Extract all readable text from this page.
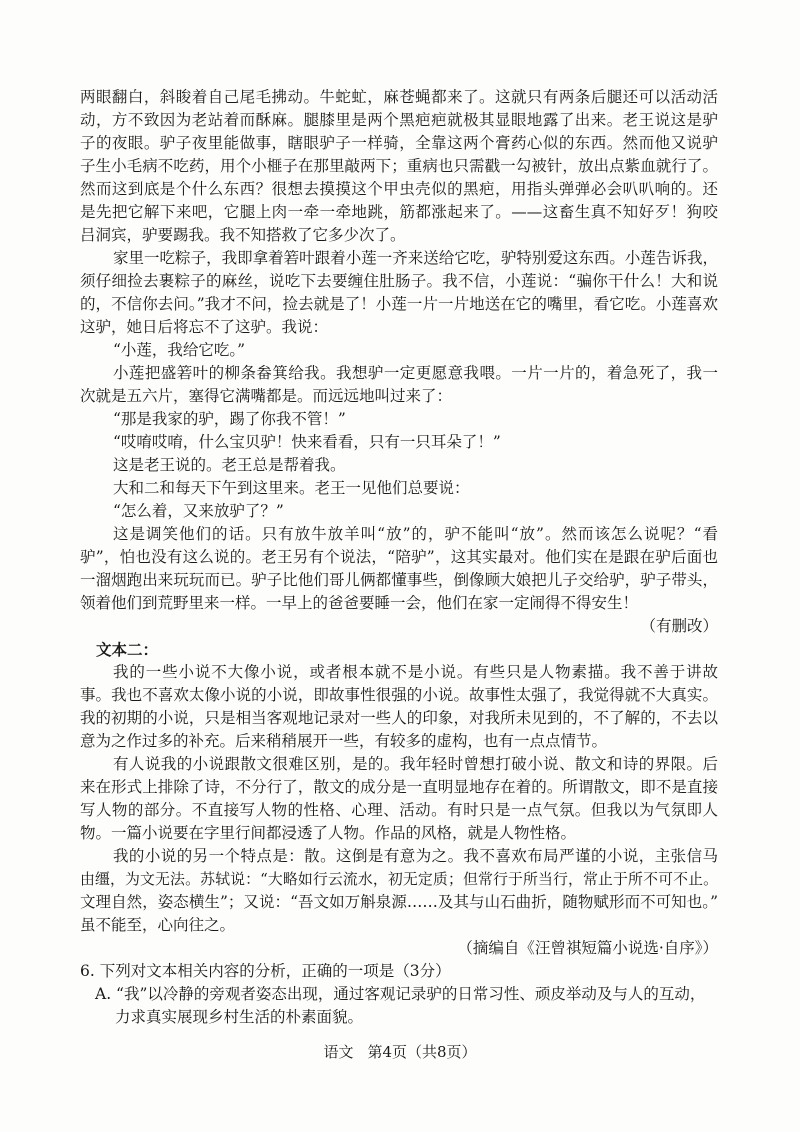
两眼翻白，斜睃着自己尾毛拂动。牛蛇虻，麻苍蝇都来了。这就只有两条后腿还可以活动活
动，方不致因为老站着而酥麻。腿膝里是两个黑疤疤就极其显眼地露了出来。老王说这是驴
子的夜眼。驴子夜里能做事，瞎眼驴子一样骑，全靠这两个膏药心似的东西。然而他又说驴
子生小毛病不吃药，用个小榧子在那里敲两下；重病也只需戳一勾被针，放出点紫血就行了。
然而这到底是个什么东西？很想去摸摸这个甲虫壳似的黑疤，用指头弹弹必会叭叭响的。还
是先把它解下来吧，它腿上肉一牵一牵地跳，筋都涨起来了。——这畜生真不知好歹！狗咬
吕洞宾，驴要踢我。我不知搭救了它多少次了。
家里一吃粽子，我即拿着箬叶跟着小莲一齐来送给它吃，驴特别爱这东西。小莲告诉我，
须仔细捡去裹粽子的麻丝，说吃下去要缠住肚肠子。我不信，小莲说：“骗你干什么！大和说
的，不信你去问。”我才不问，捡去就是了！小莲一片一片地送在它的嘴里，看它吃。小莲喜欢
这驴，她日后将忘不了这驴。我说：
“小莲，我给它吃。”
小莲把盛箬叶的柳条畚箕给我。我想驴一定更愿意我喂。一片一片的，着急死了，我一
次就是五六片，塞得它满嘴都是。而远远地叫过来了：
“那是我家的驴，踢了你我不管！”
“哎唷哎唷，什么宝贝驴！快来看看，只有一只耳朵了！”
这是老王说的。老王总是帮着我。
大和二和每天下午到这里来。老王一见他们总要说：
“怎么着，又来放驴了？”
这是调笑他们的话。只有放牛放羊叫“放”的，驴不能叫“放”。然而该怎么说呢？“看
驴”，怕也没有这么说的。老王另有个说法，“陪驴”，这其实最对。他们实在是跟在驴后面也
一溜烟跑出来玩玩而已。驴子比他们哥儿俩都懂事些，倒像顾大娘把儿子交给驴，驴子带头，
领着他们到荒野里来一样。一早上的爸爸要睡一会，他们在家一定闹得不得安生！
（有删改）
文本二：
我的一些小说不大像小说，或者根本就不是小说。有些只是人物素描。我不善于讲故
事。我也不喜欢太像小说的小说，即故事性很强的小说。故事性太强了，我觉得就不大真实。
我的初期的小说，只是相当客观地记录对一些人的印象，对我所未见到的，不了解的，不去以
意为之作过多的补充。后来稍稍展开一些，有较多的虚构，也有一点点情节。
有人说我的小说跟散文很难区别，是的。我年轻时曾想打破小说、散文和诗的界限。后
来在形式上排除了诗，不分行了，散文的成分是一直明显地存在着的。所谓散文，即不是直接
写人物的部分。不直接写人物的性格、心理、活动。有时只是一点气氛。但我以为气氛即人
物。一篇小说要在字里行间都浸透了人物。作品的风格，就是人物性格。
我的小说的另一个特点是：散。这倒是有意为之。我不喜欢布局严谨的小说，主张信马
由缰，为文无法。苏轼说：“大略如行云流水，初无定质；但常行于所当行，常止于所不可不止。
文理自然，姿态横生”；又说：“吾文如万斛泉源……及其与山石曲折，随物赋形而不可知也。”
虽不能至，心向往之。
（摘编自《汪曾祺短篇小说选·自序》）
6. 下列对文本相关内容的分析，正确的一项是（3分）
A. “我”以冷静的旁观者姿态出现，通过客观记录驴的日常习性、顽皮举动及与人的互动，
力求真实展现乡村生活的朴素面貌。
语文 第4页（共8页）
